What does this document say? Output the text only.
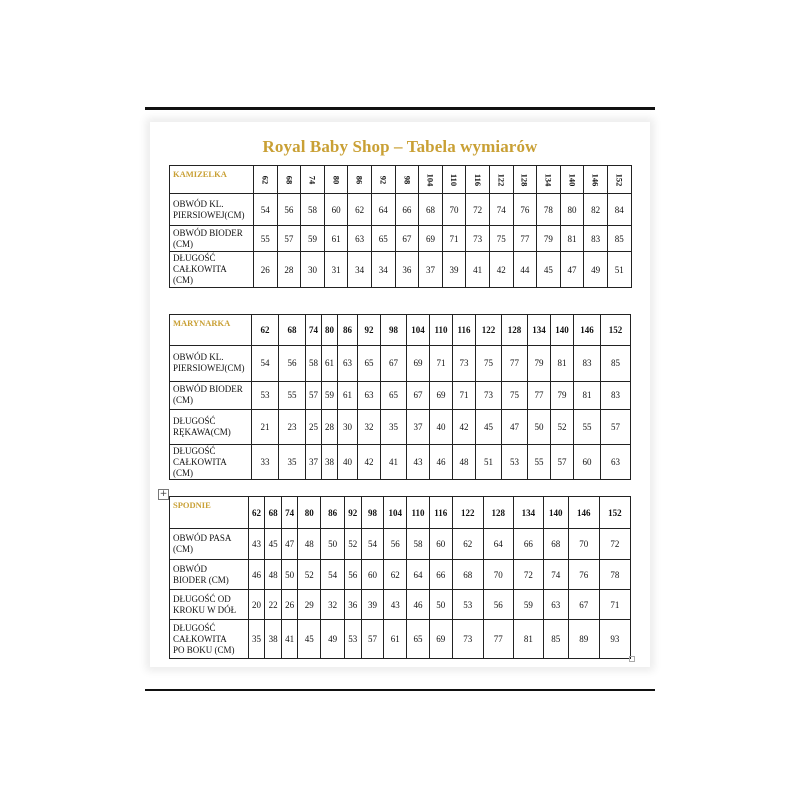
Royal Baby Shop – Tabela wymiarów
KAMIZELKA	62	68	74	80	86	92	98	104	110	116	122	128	134	140	146	152

OBWÓD KL.
PIERSIOWEJ(CM)	54	56	58	60	62	64	66	68	70	72	74	76	78	80	82	84

OBWÓD BIODER
(CM)	55	57	59	61	63	65	67	69	71	73	75	77	79	81	83	85

DŁUGOŚĆ
CAŁKOWITA
(CM)	26	28	30	31	34	34	36	37	39	41	42	44	45	47	49	51
MARYNARKA	62	68	74	80	86	92	98	104	110	116	122	128	134	140	146	152

OBWÓD KL.
PIERSIOWEJ(CM)	54	56	58	61	63	65	67	69	71	73	75	77	79	81	83	85

OBWÓD BIODER
(CM)	53	55	57	59	61	63	65	67	69	71	73	75	77	79	81	83

DŁUGOŚĆ
RĘKAWA(CM)	21	23	25	28	30	32	35	37	40	42	45	47	50	52	55	57

DŁUGOŚĆ
CAŁKOWITA
(CM)	33	35	37	38	40	42	41	43	46	48	51	53	55	57	60	63
+
SPODNIE	62	68	74	80	86	92	98	104	110	116	122	128	134	140	146	152

OBWÓD PASA
(CM)	43	45	47	48	50	52	54	56	58	60	62	64	66	68	70	72

OBWÓD
BIODER (CM)	46	48	50	52	54	56	60	62	64	66	68	70	72	74	76	78

DŁUGOŚĆ OD
KROKU W DÓŁ	20	22	26	29	32	36	39	43	46	50	53	56	59	63	67	71

DŁUGOŚĆ
CAŁKOWITA
PO BOKU (CM)	35	38	41	45	49	53	57	61	65	69	73	77	81	85	89	93
